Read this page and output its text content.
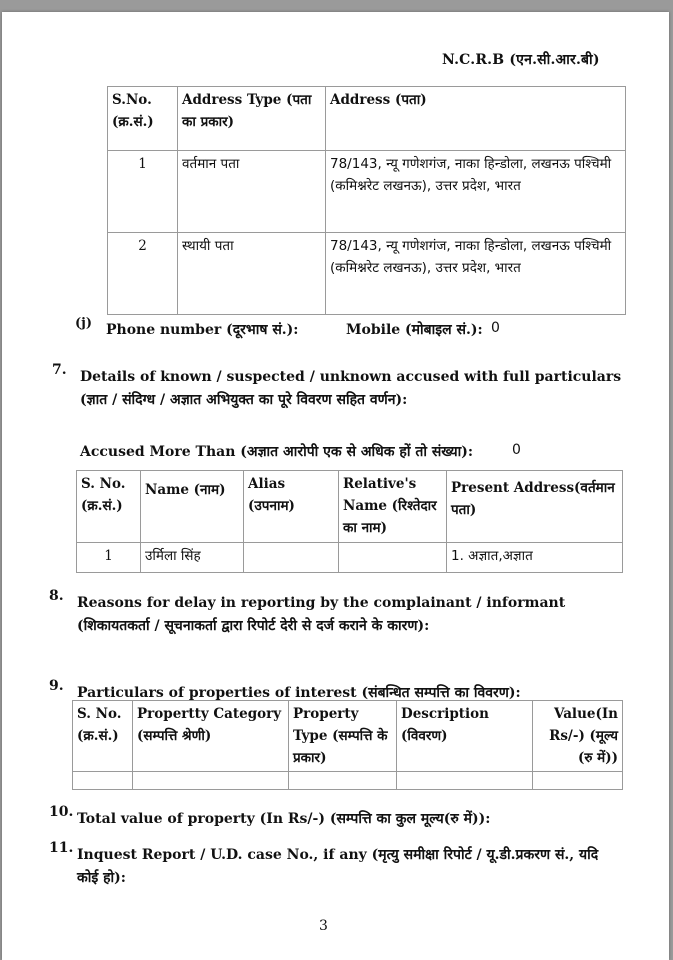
N.C.R.B (एन.सी.आर.बी)
S.No. (क्र.सं.)	Address Type (पता का प्रकार)	Address (पता)
1	वर्तमान पता	78/143, न्यू गणेशगंज, नाका हिन्डोला, लखनऊ पश्चिमी (कमिश्नरेट लखनऊ), उत्तर प्रदेश, भारत
2	स्थायी पता	78/143, न्यू गणेशगंज, नाका हिन्डोला, लखनऊ पश्चिमी (कमिश्नरेट लखनऊ), उत्तर प्रदेश, भारत
(j) Phone number (दूरभाष सं.):	Mobile (मोबाइल सं.): 0
7. Details of known / suspected / unknown accused with full particulars (ज्ञात / संदिग्ध / अज्ञात अभियुक्त का पूरे विवरण सहित वर्णन):
Accused More Than (अज्ञात आरोपी एक से अधिक हों तो संख्या):	0
S. No. (क्र.सं.)	Name (नाम)	Alias (उपनाम)	Relative's Name (रिश्तेदार का नाम)	Present Address(वर्तमान पता)
1	उर्मिला सिंह			1. अज्ञात,अज्ञात
8. Reasons for delay in reporting by the complainant / informant (शिकायतकर्ता / सूचनाकर्ता द्वारा रिपोर्ट देरी से दर्ज कराने के कारण):
9. Particulars of properties of interest (संबन्धित सम्पत्ति का विवरण):
S. No. (क्र.सं.)	Propertty Category (सम्पत्ति श्रेणी)	Property Type (सम्पत्ति के प्रकार)	Description (विवरण)	Value(In Rs/-) (मूल्य (रु में))

10. Total value of property (In Rs/-) (सम्पत्ति का कुल मूल्य(रु में)):
11. Inquest Report / U.D. case No., if any (मृत्यु समीक्षा रिपोर्ट / यू.डी.प्रकरण सं., यदि कोई हो):
3
